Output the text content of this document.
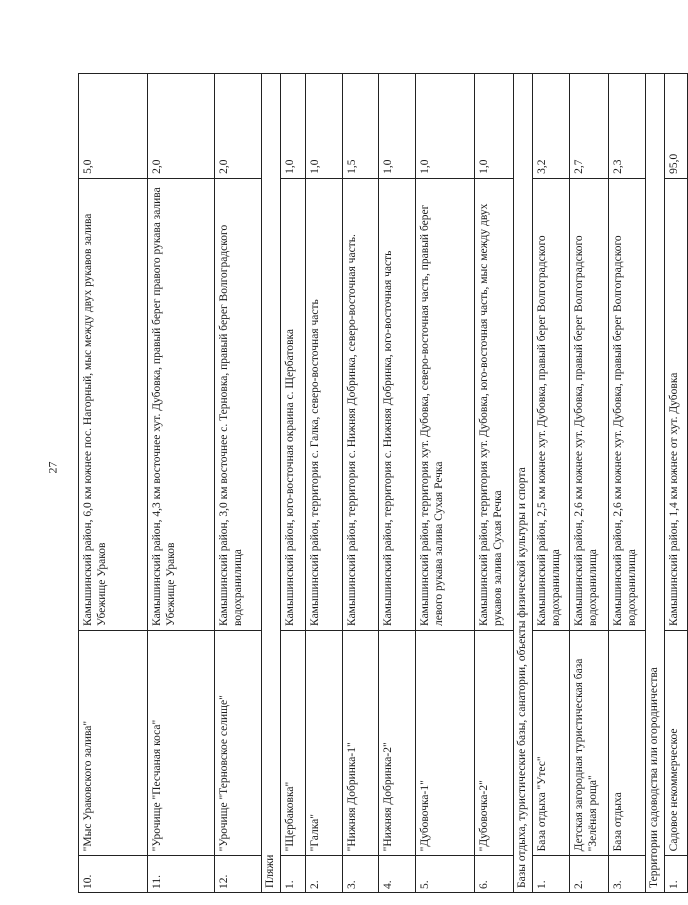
27
10.	"Мыс Ураковского залива"	Камышинский район, 6,0 км южнее пос. Нагорный, мыс между двух рукавов залива Убежище Ураков	5,0
11.	"Урочище "Песчаная коса"	Камышинский район, 4,3 км восточнее хут. Дубовка, правый берег правого рукава залива Убежище Ураков	2,0
12.	"Урочище "Терновское селище"	Камышинский район, 3,0 км восточнее с. Терновка, правый берег Волгоградского водохранилища	2,0
Пляжи			
1.	"Щербаковка"	Камышинский район, юго-восточная окраина с. Щербатовка	1,0
2.	"Галка"	Камышинский район, территория с. Галка, северо-восточная часть	1,0
3.	"Нижняя Добринка-1"	Камышинский район, территория с. Нижняя Добринка, северо-восточная часть.	1,5
4.	"Нижняя Добринка-2"	Камышинский район, территория с. Нижняя Добринка, юго-восточная часть	1,0
5.	"Дубовочка-1"	Камышинский район, территория хут. Дубовка, северо-восточная часть, правый берег левого рукава залива Сухая Речка	1,0
6.	"Дубовочка-2"	Камышинский район, территория хут. Дубовка, юго-восточная часть, мыс между двух рукавов залива Сухая Речка	1,0
Базы отдыха, туристические базы, санатории, объекты физической культуры и спорта			
1.	База отдыха "Утес"	Камышинский район, 2,5 км южнее хут. Дубовка, правый берег Волгоградского водохранилища	3,2
2.	Детская загородная туристическая база "Зелёная роща"	Камышинский район, 2,6 км южнее хут. Дубовка, правый берег Волгоградского водохранилища	2,7
3.	База отдыха	Камышинский район, 2,6 км южнее хут. Дубовка, правый берег Волгоградского водохранилища	2,3
Территории садоводства или огородничества			
1.	Садовое некоммерческое	Камышинский район, 1,4 км южнее от хут. Дубовка	95,0
